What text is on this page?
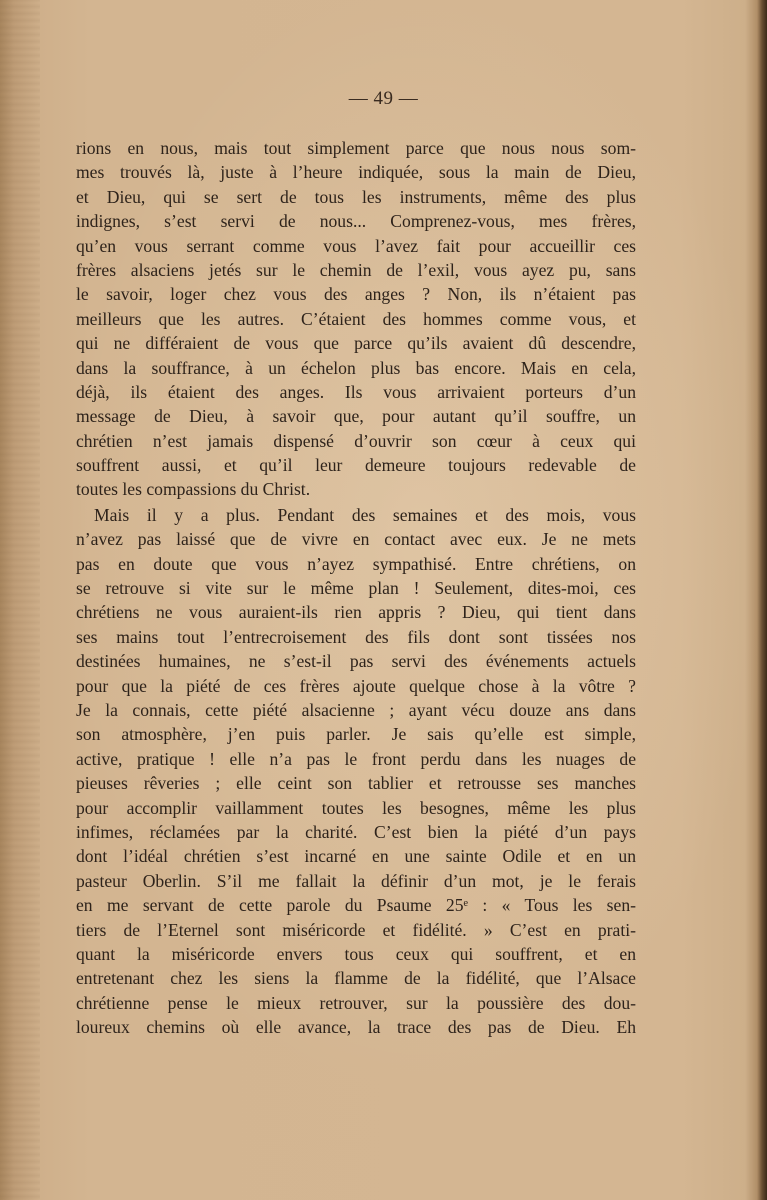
— 49 —
rions en nous, mais tout simplement parce que nous nous som-
mes trouvés là, juste à l’heure indiquée, sous la main de Dieu,
et Dieu, qui se sert de tous les instruments, même des plus
indignes, s’est servi de nous... Comprenez-vous, mes frères,
qu’en vous serrant comme vous l’avez fait pour accueillir ces
frères alsaciens jetés sur le chemin de l’exil, vous ayez pu, sans
le savoir, loger chez vous des anges ? Non, ils n’étaient pas
meilleurs que les autres. C’étaient des hommes comme vous, et
qui ne différaient de vous que parce qu’ils avaient dû descendre,
dans la souffrance, à un échelon plus bas encore. Mais en cela,
déjà, ils étaient des anges. Ils vous arrivaient porteurs d’un
message de Dieu, à savoir que, pour autant qu’il souffre, un
chrétien n’est jamais dispensé d’ouvrir son cœur à ceux qui
souffrent aussi, et qu’il leur demeure toujours redevable de
toutes les compassions du Christ.
Mais il y a plus. Pendant des semaines et des mois, vous
n’avez pas laissé que de vivre en contact avec eux. Je ne mets
pas en doute que vous n’ayez sympathisé. Entre chrétiens, on
se retrouve si vite sur le même plan ! Seulement, dites-moi, ces
chrétiens ne vous auraient-ils rien appris ? Dieu, qui tient dans
ses mains tout l’entrecroisement des fils dont sont tissées nos
destinées humaines, ne s’est-il pas servi des événements actuels
pour que la piété de ces frères ajoute quelque chose à la vôtre ?
Je la connais, cette piété alsacienne ; ayant vécu douze ans dans
son atmosphère, j’en puis parler. Je sais qu’elle est simple,
active, pratique ! elle n’a pas le front perdu dans les nuages de
pieuses rêveries ; elle ceint son tablier et retrousse ses manches
pour accomplir vaillamment toutes les besognes, même les plus
infimes, réclamées par la charité. C’est bien la piété d’un pays
dont l’idéal chrétien s’est incarné en une sainte Odile et en un
pasteur Oberlin. S’il me fallait la définir d’un mot, je le ferais
en me servant de cette parole du Psaume 25ᵉ : « Tous les sen-
tiers de l’Eternel sont miséricorde et fidélité. » C’est en prati-
quant la miséricorde envers tous ceux qui souffrent, et en
entretenant chez les siens la flamme de la fidélité, que l’Alsace
chrétienne pense le mieux retrouver, sur la poussière des dou-
loureux chemins où elle avance, la trace des pas de Dieu. Eh
